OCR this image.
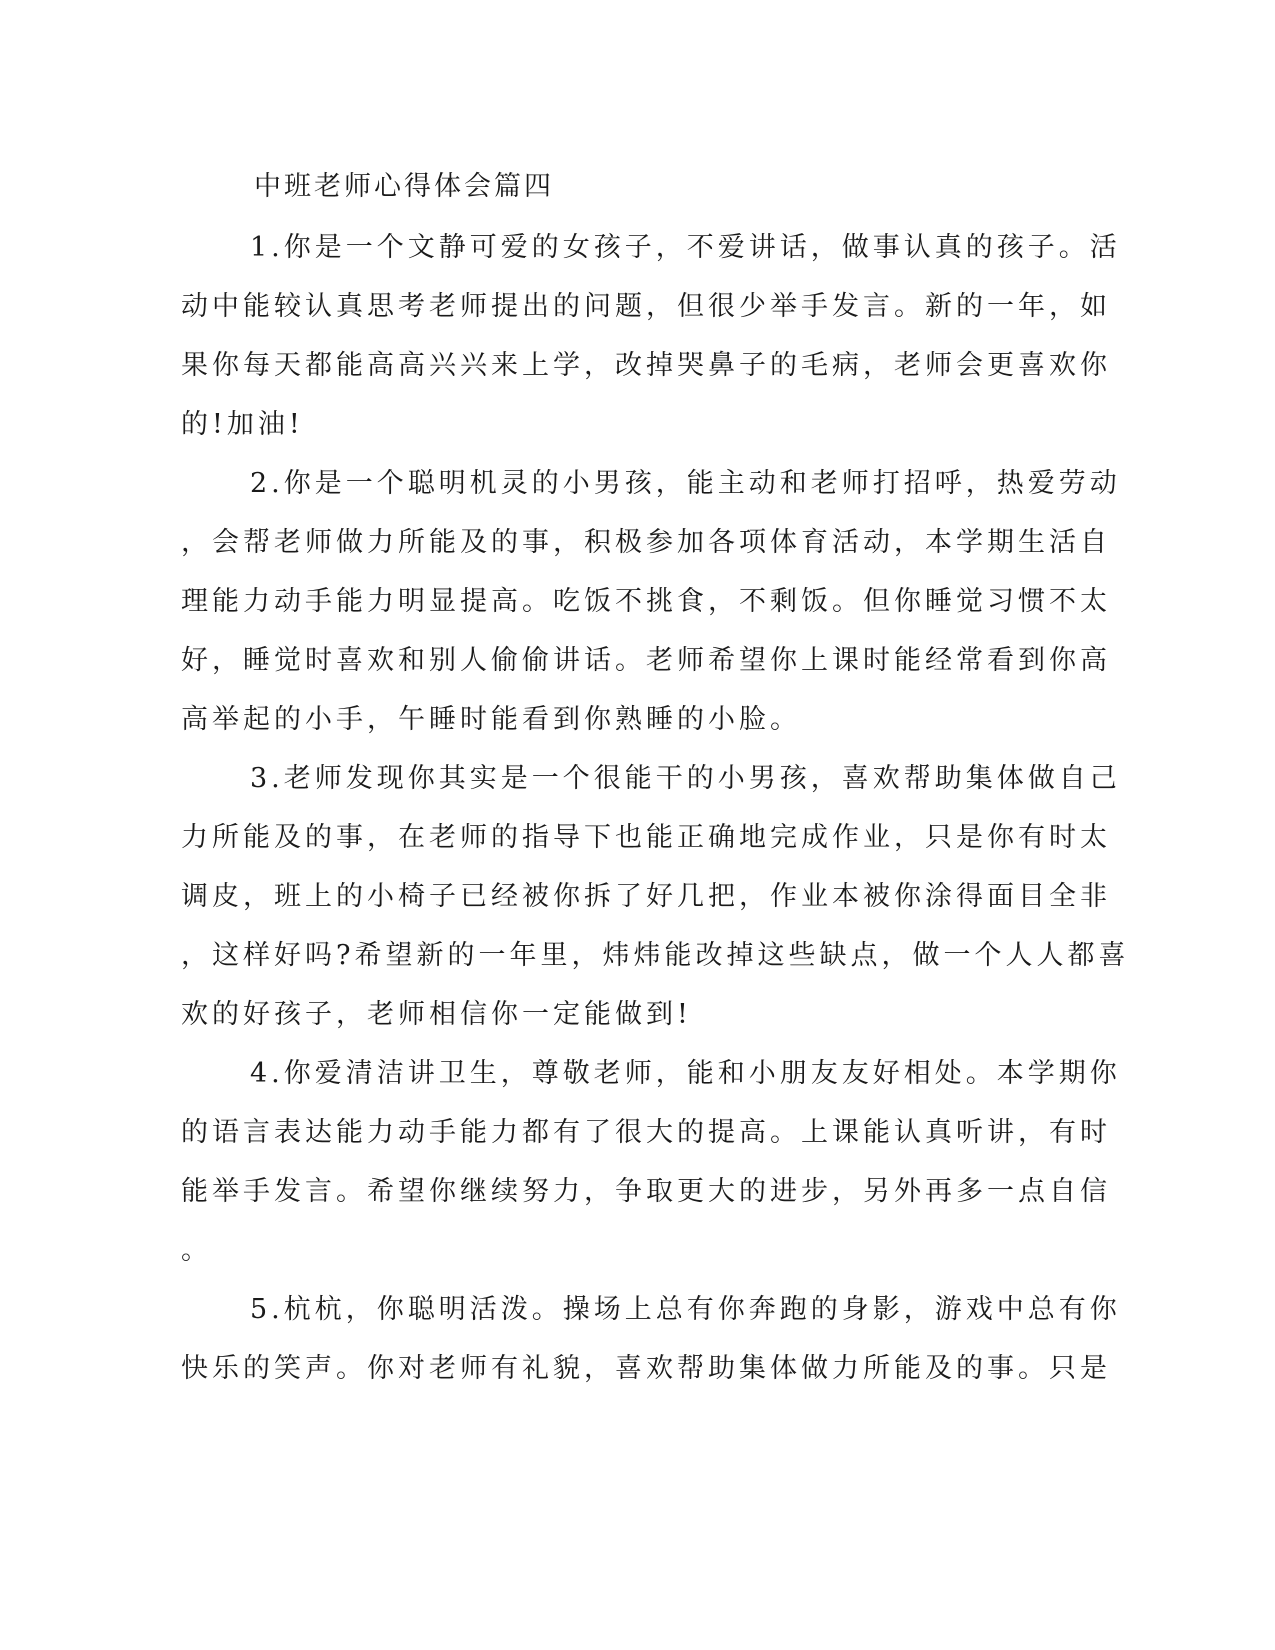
中班老师心得体会篇四

1.你是一个文静可爱的女孩子，不爱讲话，做事认真的孩子。活

动中能较认真思考老师提出的问题，但很少举手发言。新的一年，如

果你每天都能高高兴兴来上学，改掉哭鼻子的毛病，老师会更喜欢你

的!加油!

2.你是一个聪明机灵的小男孩，能主动和老师打招呼，热爱劳动

，会帮老师做力所能及的事，积极参加各项体育活动，本学期生活自

理能力动手能力明显提高。吃饭不挑食，不剩饭。但你睡觉习惯不太

好，睡觉时喜欢和别人偷偷讲话。老师希望你上课时能经常看到你高

高举起的小手，午睡时能看到你熟睡的小脸。

3.老师发现你其实是一个很能干的小男孩，喜欢帮助集体做自己

力所能及的事，在老师的指导下也能正确地完成作业，只是你有时太

调皮，班上的小椅子已经被你拆了好几把，作业本被你涂得面目全非

，这样好吗?希望新的一年里，炜炜能改掉这些缺点，做一个人人都喜

欢的好孩子，老师相信你一定能做到!

4.你爱清洁讲卫生，尊敬老师，能和小朋友友好相处。本学期你

的语言表达能力动手能力都有了很大的提高。上课能认真听讲，有时

能举手发言。希望你继续努力，争取更大的进步，另外再多一点自信

。

5.杭杭，你聪明活泼。操场上总有你奔跑的身影，游戏中总有你

快乐的笑声。你对老师有礼貌，喜欢帮助集体做力所能及的事。只是
